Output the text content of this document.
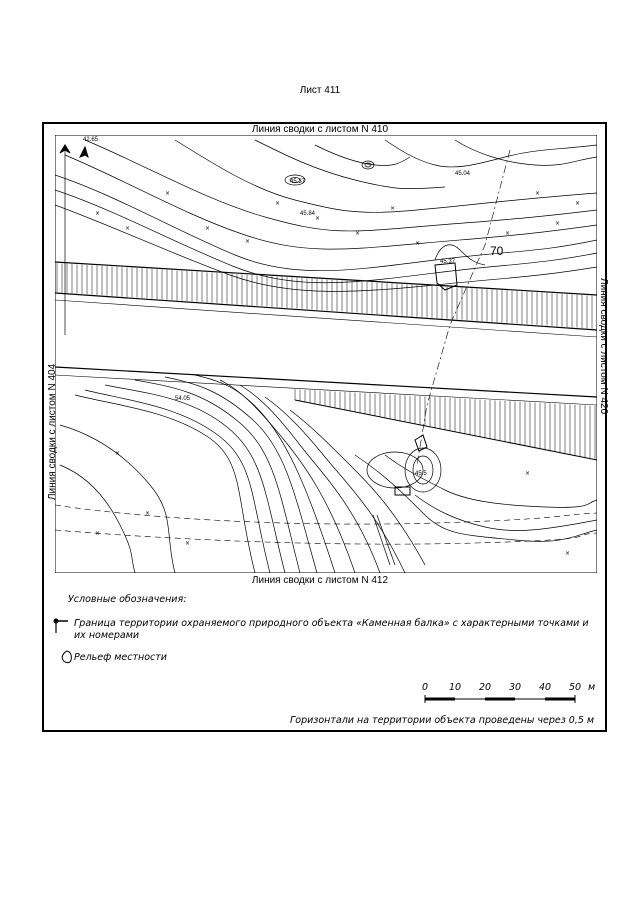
Лист 411
42.65
45.04
45.84
45.37
45.37
54.05
45.5
70
×
×
×
×
×
×
×
×
×
×
×
×
×
×
×
×
×
×
×
×
Линия сводки с листом N 410
Линия сводки с листом N 412
Линия сводки с листом N 404
Линия сводки с листом N 420
Условные обозначения:
Граница территории охраняемого природного объекта «Каменная балка» с характерными точками и их номерами
Рельеф местности
0 10 20 30 40 50 м
Горизонтали на территории объекта проведены через 0,5 м
